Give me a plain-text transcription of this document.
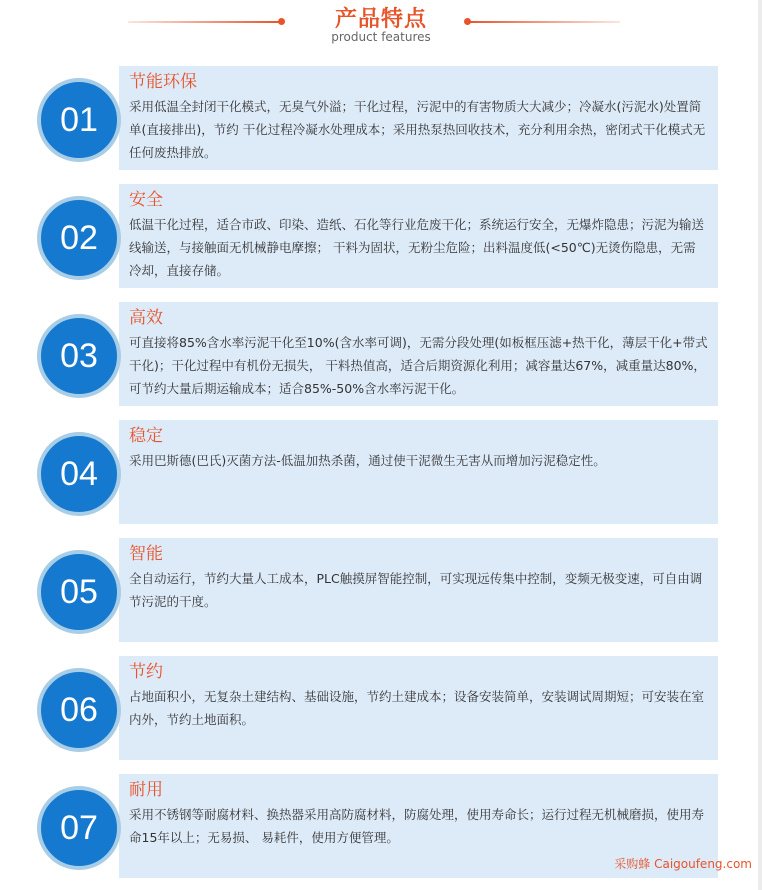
产品特点
product features
节能环保

采用低温全封闭干化模式，无臭气外溢；干化过程，污泥中的有害物质大大减少；冷凝水(污泥水)处置简单(直接排出)，节约 干化过程冷凝水处理成本；采用热泵热回收技术，充分利用余热，密闭式干化模式无任何废热排放。

01
安全

低温干化过程，适合市政、印染、造纸、石化等行业危废干化；系统运行安全，无爆炸隐患；污泥为输送线输送，与接触面无机械静电摩擦； 干料为固状，无粉尘危险；出料温度低(<50℃)无烫伤隐患，无需冷却，直接存储。

02
高效

可直接将85%含水率污泥干化至10%(含水率可调)，无需分段处理(如板框压滤+热干化，薄层干化+带式干化)；干化过程中有机份无损失， 干料热值高，适合后期资源化利用；减容量达67%，减重量达80%，可节约大量后期运输成本；适合85%-50%含水率污泥干化。

03
稳定

采用巴斯德(巴氏)灭菌方法-低温加热杀菌，通过使干泥微生无害从而增加污泥稳定性。

04
智能

全自动运行，节约大量人工成本，PLC触摸屏智能控制，可实现远传集中控制，变频无极变速，可自由调节污泥的干度。

05
节约

占地面积小，无复杂土建结构、基础设施，节约土建成本；设备安装简单，安装调试周期短；可安装在室内外，节约土地面积。

06
耐用

采用不锈钢等耐腐材料、换热器采用高防腐材料，防腐处理，使用寿命长；运行过程无机械磨损，使用寿命15年以上；无易损、 易耗件，使用方便管理。

07
采购蜂 Caigoufeng.com
